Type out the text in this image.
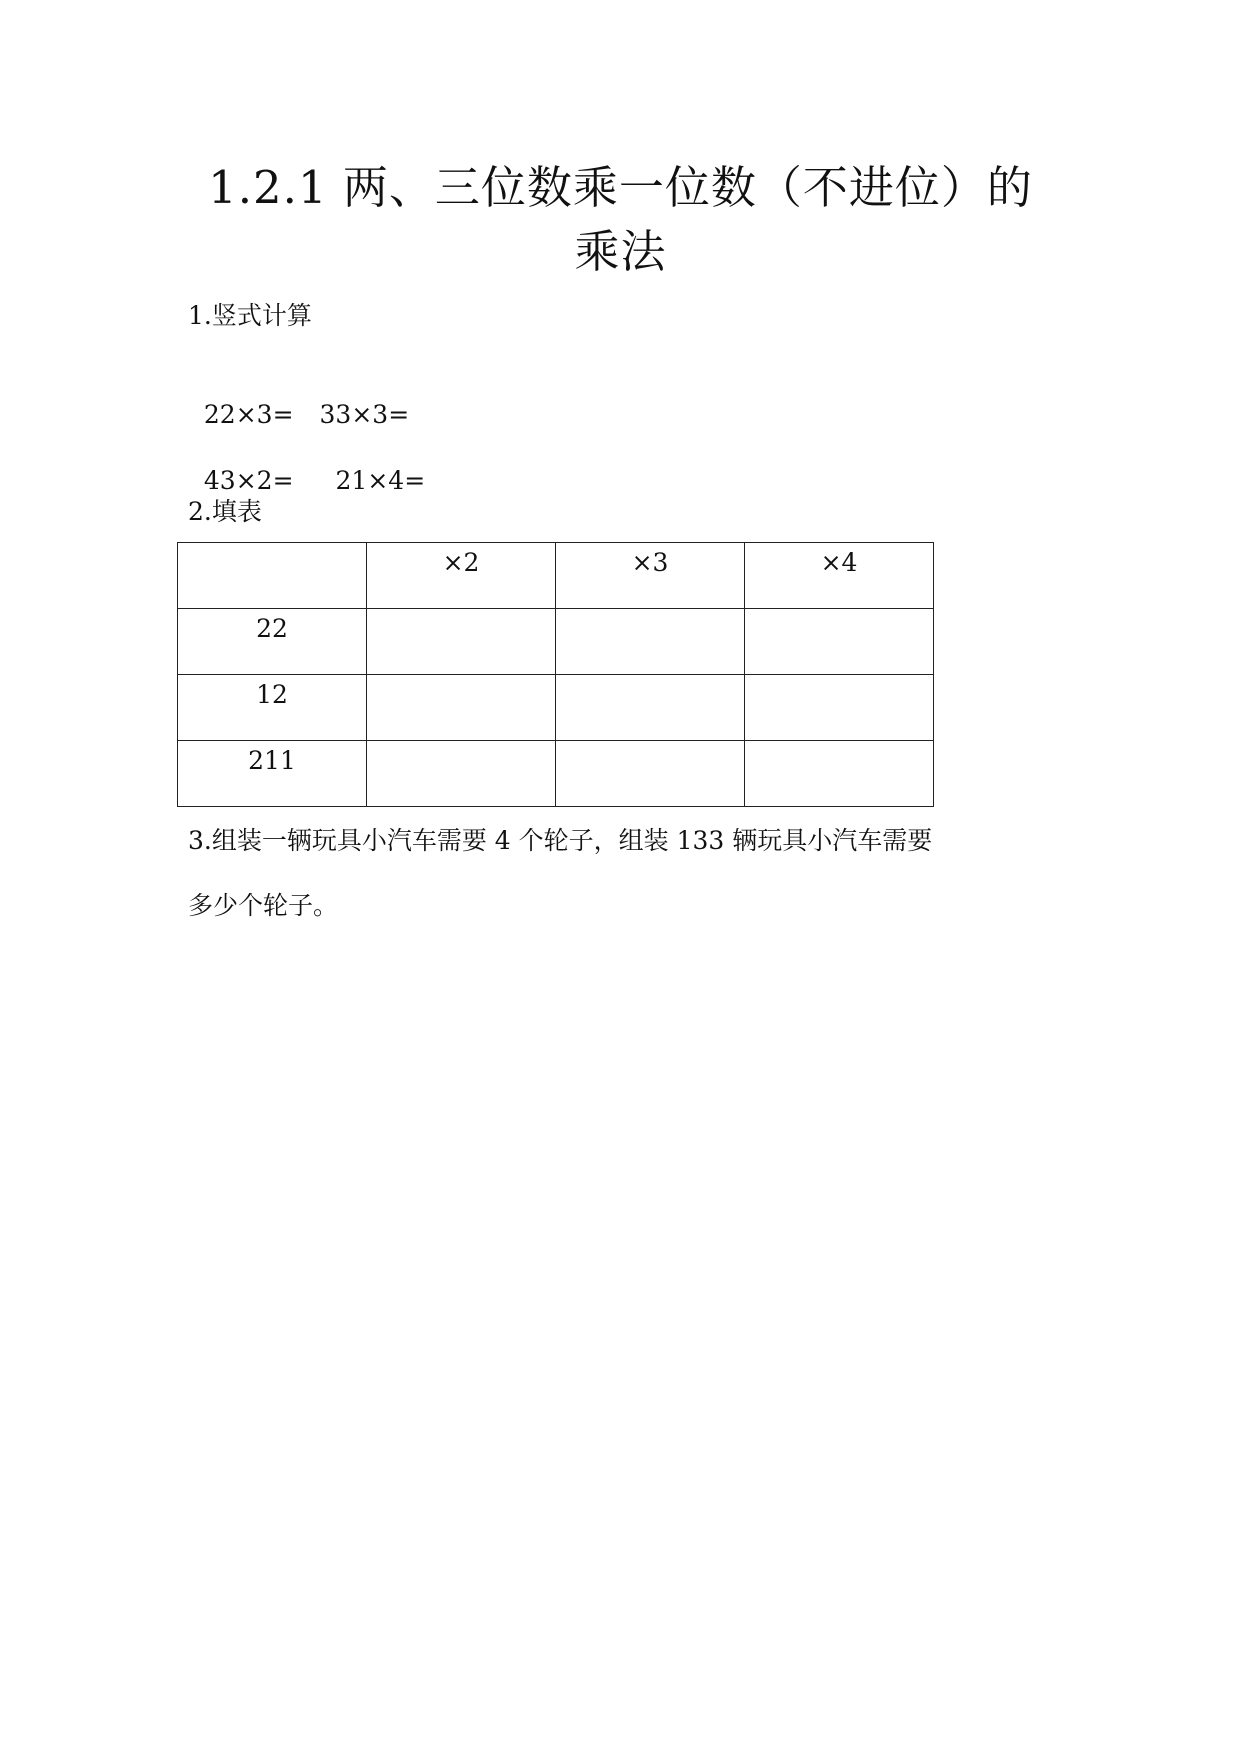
1.2.1 两、三位数乘一位数（不进位）的
乘法
1.竖式计算

22×3= 33×3=

43×2= 21×4=

2.填表
	×2	×3	×4
22			
12			
211			
3.组装一辆玩具小汽车需要 4 个轮子，组装 133 辆玩具小汽车需要
多少个轮子。
